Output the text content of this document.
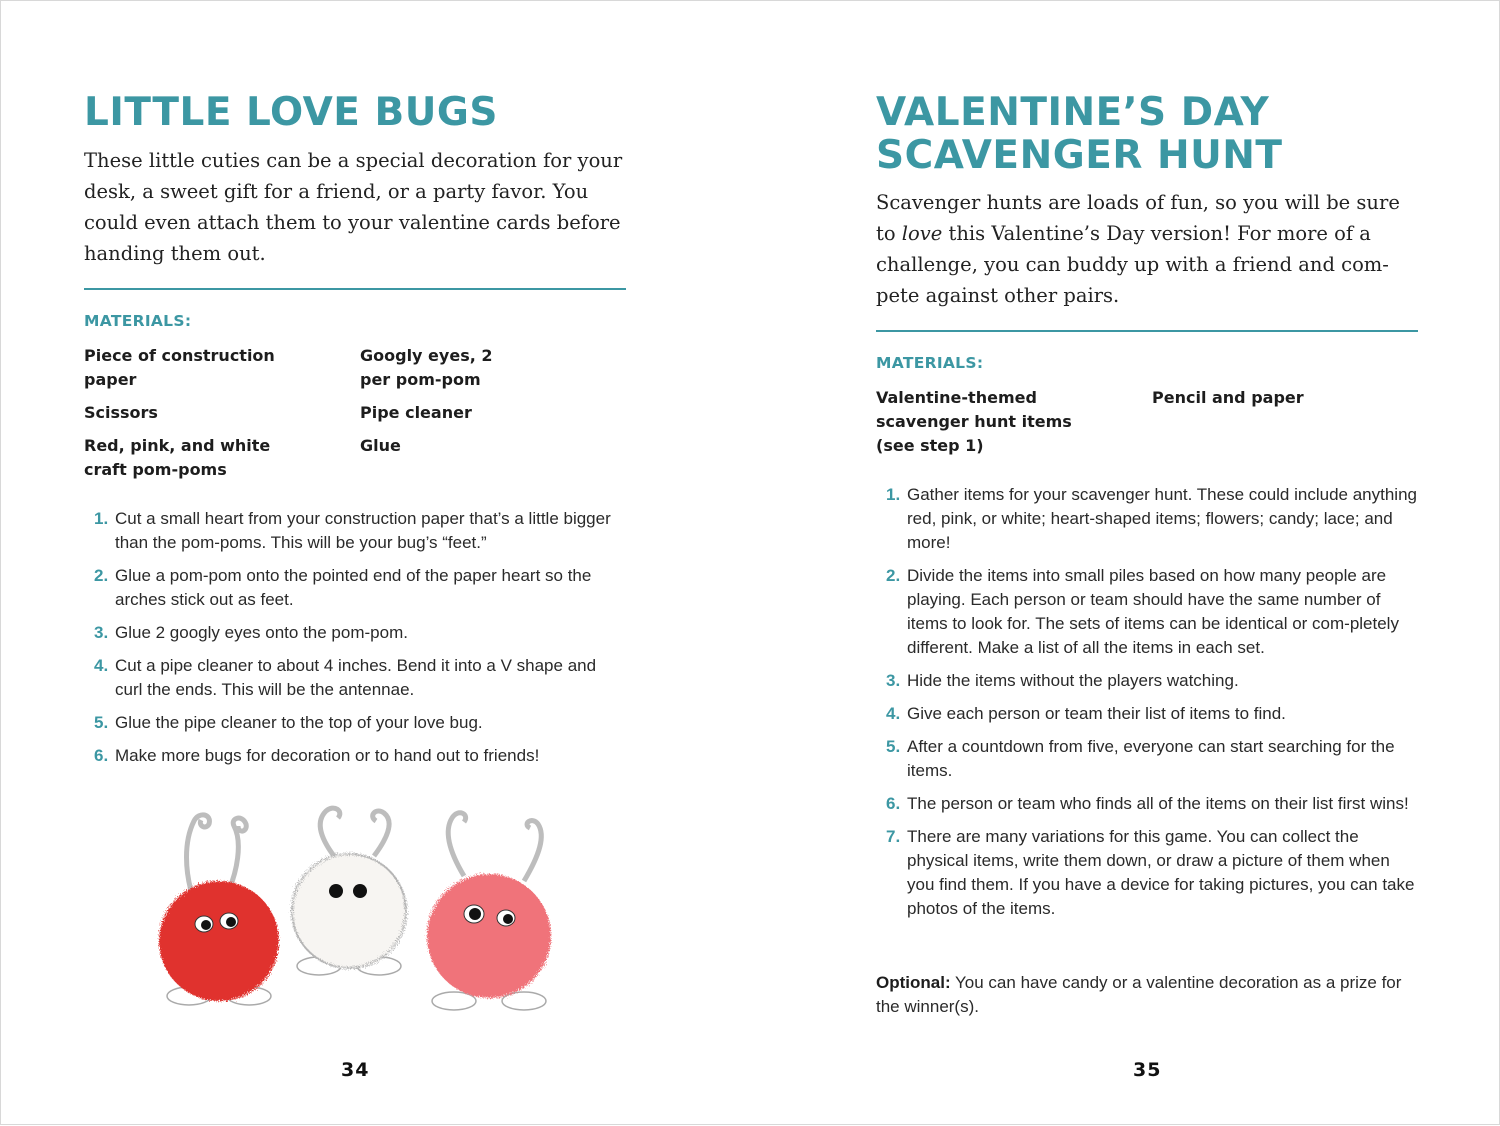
LITTLE LOVE BUGS

These little cuties can be a special decoration for your desk, a sweet gift for a friend, or a party favor. You could even attach them to your valentine cards before handing them out.

MATERIALS:
Piece of construction paper
Scissors
Red, pink, and white craft pom-poms
Googly eyes, 2 per pom-pom
Pipe cleaner
Glue
1. Cut a small heart from your construction paper that’s a little bigger than the pom-poms. This will be your bug’s “feet.”
2. Glue a pom-pom onto the pointed end of the paper heart so the arches stick out as feet.
3. Glue 2 googly eyes onto the pom-pom.
4. Cut a pipe cleaner to about 4 inches. Bend it into a V shape and curl the ends. This will be the antennae.
5. Glue the pipe cleaner to the top of your love bug.
6. Make more bugs for decoration or to hand out to friends!
34
VALENTINE’S DAY
SCAVENGER HUNT

Scavenger hunts are loads of fun, so you will be sure to love this Valentine’s Day version! For more of a challenge, you can buddy up with a friend and com-pete against other pairs.

MATERIALS:
Valentine-themed scavenger hunt items (see step 1)
Pencil and paper
1. Gather items for your scavenger hunt. These could include anything red, pink, or white; heart-shaped items; flowers; candy; lace; and more!
2. Divide the items into small piles based on how many people are playing. Each person or team should have the same number of items to look for. The sets of items can be identical or com-pletely different. Make a list of all the items in each set.
3. Hide the items without the players watching.
4. Give each person or team their list of items to find.
5. After a countdown from five, everyone can start searching for the items.
6. The person or team who finds all of the items on their list first wins!
7. There are many variations for this game. You can collect the physical items, write them down, or draw a picture of them when you find them. If you have a device for taking pictures, you can take photos of the items.

Optional: You can have candy or a valentine decoration as a prize for the winner(s).

35
